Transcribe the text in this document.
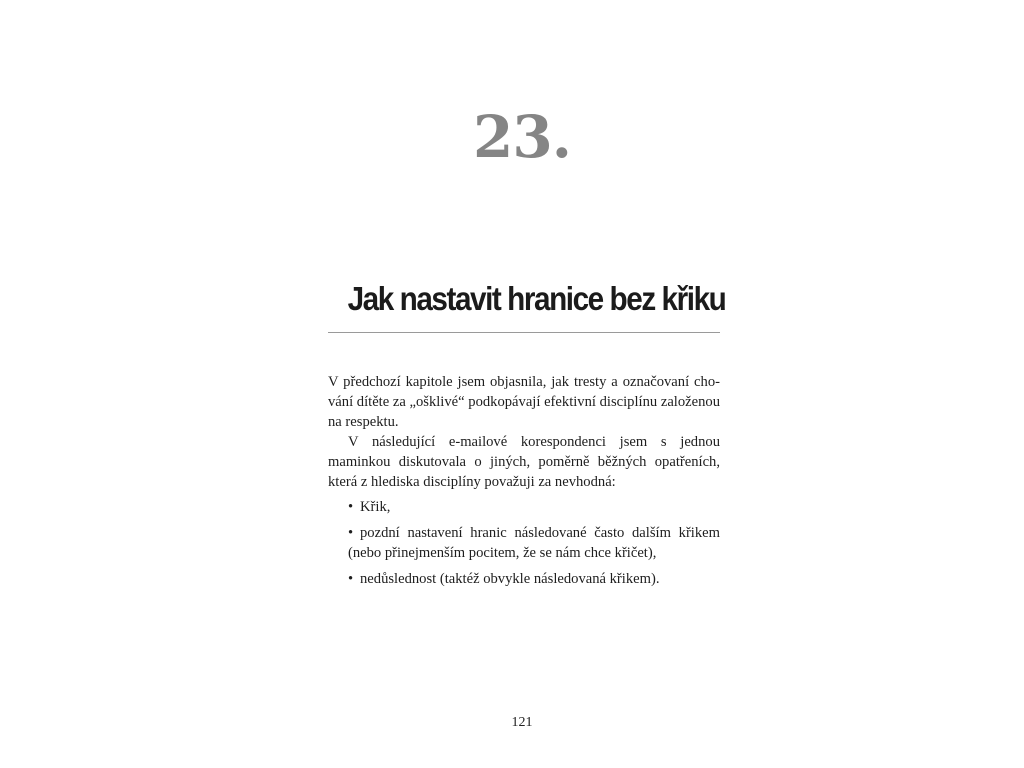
23.
Jak nastavit hranice bez křiku

V předchozí kapitole jsem objasnila, jak tresty a označovaní chování dítěte za „ošklivé“ podkopávají efektivní disciplínu založenou na respektu.

V následující e-mailové korespondenci jsem s jednou maminkou diskutovala o jiných, poměrně běžných opatřeních, která z hlediska disciplíny považuji za nevhodná:

• Křik,
• pozdní nastavení hranic následované často dalším křikem (nebo přinejmenším pocitem, že se nám chce křičet),
• nedůslednost (taktéž obvykle následovaná křikem).
121
